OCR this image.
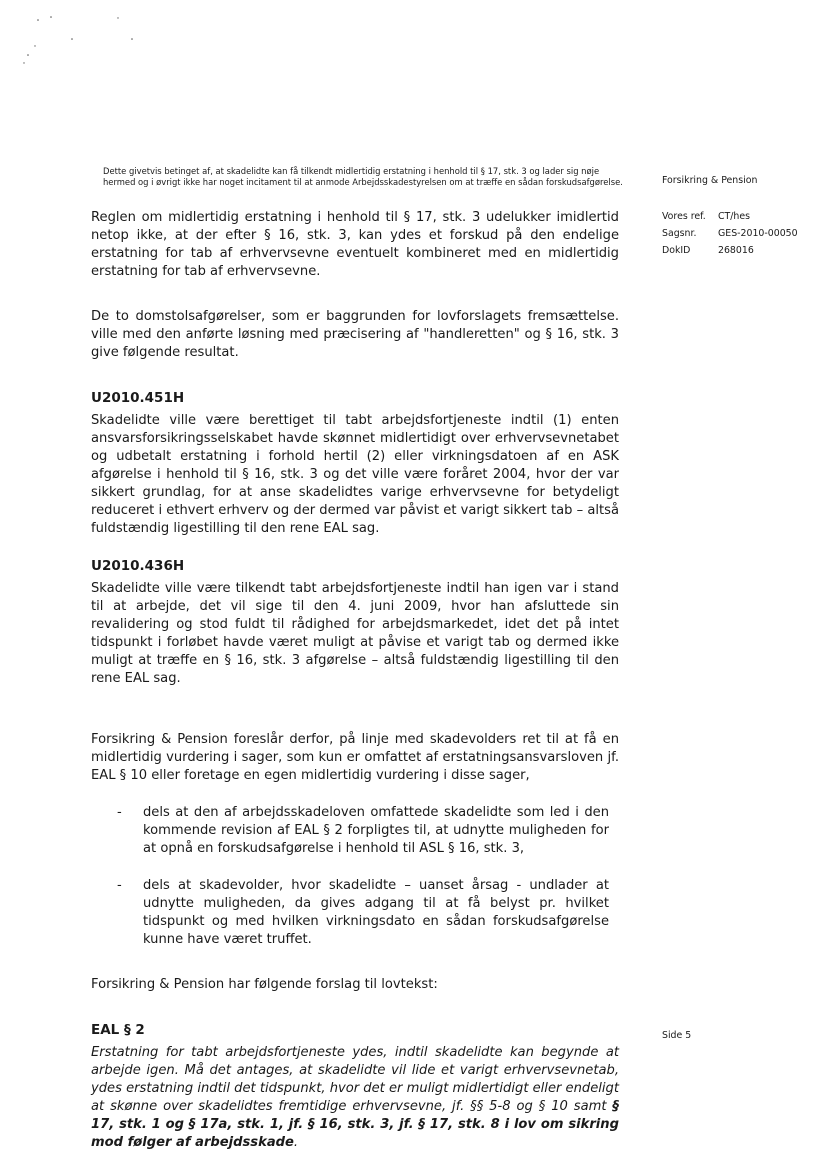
Dette givetvis betinget af, at skadelidte kan få tilkendt midlertidig erstatning i henhold til § 17, stk. 3 og lader sig nøje hermed og i øvrigt ikke har noget incitament til at anmode Arbejdsskadestyrelsen om at træffe en sådan forskudsafgørelse.

Reglen om midlertidig erstatning i henhold til § 17, stk. 3 udelukker imidlertid netop ikke, at der efter § 16, stk. 3, kan ydes et forskud på den endelige erstatning for tab af erhvervsevne eventuelt kombineret med en midlertidig erstatning for tab af erhvervsevne.

De to domstolsafgørelser, som er baggrunden for lovforslagets fremsættelse. ville med den anførte løsning med præcisering af "handleretten" og § 16, stk. 3 give følgende resultat.

U2010.451H

Skadelidte ville være berettiget til tabt arbejdsfortjeneste indtil (1) enten ansvarsforsikringsselskabet havde skønnet midlertidigt over erhvervsevnetabet og udbetalt erstatning i forhold hertil (2) eller virkningsdatoen af en ASK afgørelse i henhold til § 16, stk. 3 og det ville være foråret 2004, hvor der var sikkert grundlag, for at anse skadelidtes varige erhvervsevne for betydeligt reduceret i ethvert erhverv og der dermed var påvist et varigt sikkert tab – altså fuldstændig ligestilling til den rene EAL sag.

U2010.436H

Skadelidte ville være tilkendt tabt arbejdsfortjeneste indtil han igen var i stand til at arbejde, det vil sige til den 4. juni 2009, hvor han afsluttede sin revalidering og stod fuldt til rådighed for arbejdsmarkedet, idet det på intet tidspunkt i forløbet havde været muligt at påvise et varigt tab og dermed ikke muligt at træffe en § 16, stk. 3 afgørelse – altså fuldstændig ligestilling til den rene EAL sag.

Forsikring & Pension foreslår derfor, på linje med skadevolders ret til at få en midlertidig vurdering i sager, som kun er omfattet af erstatningsansvarsloven jf. EAL § 10 eller foretage en egen midlertidig vurdering i disse sager,

-	dels at den af arbejdsskadeloven omfattede skadelidte som led i den kommende revision af EAL § 2 forpligtes til, at udnytte muligheden for at opnå en forskudsafgørelse i henhold til ASL § 16, stk. 3,
-	dels at skadevolder, hvor skadelidte – uanset årsag - undlader at udnytte muligheden, da gives adgang til at få belyst pr. hvilket tidspunkt og med hvilken virkningsdato en sådan forskudsafgørelse kunne have været truffet.

Forsikring & Pension har følgende forslag til lovtekst:

EAL § 2

Erstatning for tabt arbejdsfortjeneste ydes, indtil skadelidte kan begynde at arbejde igen. Må det antages, at skadelidte vil lide et varigt erhvervsevnetab, ydes erstatning indtil det tidspunkt, hvor det er muligt midlertidigt eller endeligt at skønne over skadelidtes fremtidige erhvervsevne, jf. §§ 5-8 og § 10 samt § 17, stk. 1 og § 17a, stk. 1, jf. § 16, stk. 3, jf. § 17, stk. 8 i lov om sikring mod følger af arbejdsskade.

Forsikring & Pension
Vores ref.	CT/hes
Sagsnr.	GES-2010-00050
DokID	268016
Side 5
